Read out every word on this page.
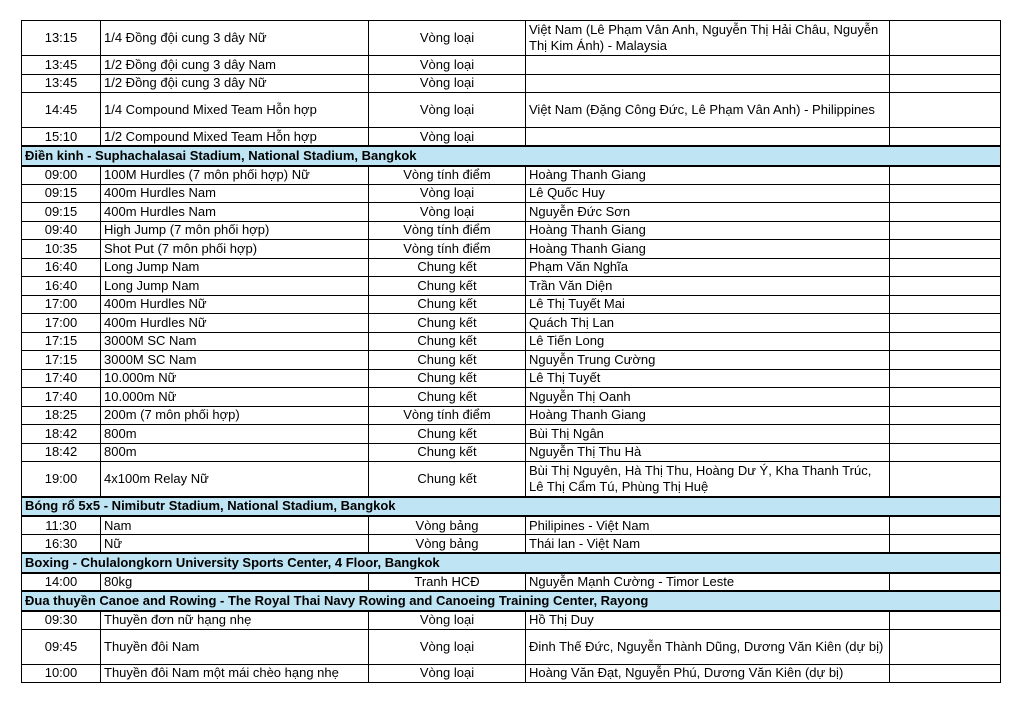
13:15	1/4 Đồng đội cung 3 dây Nữ	Vòng loại	Việt Nam (Lê Phạm Vân Anh, Nguyễn Thị Hải Châu, Nguyễn Thị Kim Ánh) - Malaysia	
13:45	1/2 Đồng đội cung 3 dây Nam	Vòng loại		
13:45	1/2 Đồng đội cung 3 dây Nữ	Vòng loại		
14:45	1/4 Compound Mixed Team Hỗn hợp	Vòng loại	Việt Nam (Đặng Công Đức, Lê Phạm Vân Anh) - Philippines	
15:10	1/2 Compound Mixed Team Hỗn hợp	Vòng loại		
Điền kinh - Suphachalasai Stadium, National Stadium, Bangkok				
09:00	100M Hurdles (7 môn phối hợp) Nữ	Vòng tính điểm	Hoàng Thanh Giang	
09:15	400m Hurdles Nam	Vòng loại	Lê Quốc Huy	
09:15	400m Hurdles Nam	Vòng loại	Nguyễn Đức Sơn	
09:40	High Jump (7 môn phối hợp)	Vòng tính điểm	Hoàng Thanh Giang	
10:35	Shot Put (7 môn phối hợp)	Vòng tính điểm	Hoàng Thanh Giang	
16:40	Long Jump Nam	Chung kết	Phạm Văn Nghĩa	
16:40	Long Jump Nam	Chung kết	Trần Văn Diện	
17:00	400m Hurdles Nữ	Chung kết	Lê Thị Tuyết Mai	
17:00	400m Hurdles Nữ	Chung kết	Quách Thị Lan	
17:15	3000M SC Nam	Chung kết	Lê Tiến Long	
17:15	3000M SC Nam	Chung kết	Nguyễn Trung Cường	
17:40	10.000m Nữ	Chung kết	Lê Thị Tuyết	
17:40	10.000m Nữ	Chung kết	Nguyễn Thị Oanh	
18:25	200m (7 môn phối hợp)	Vòng tính điểm	Hoàng Thanh Giang	
18:42	800m	Chung kết	Bùi Thị Ngân	
18:42	800m	Chung kết	Nguyễn Thị Thu Hà	
19:00	4x100m Relay Nữ	Chung kết	Bùi Thị Nguyên, Hà Thị Thu, Hoàng Dư Ý, Kha Thanh Trúc, Lê Thị Cẩm Tú, Phùng Thị Huệ	
Bóng rổ 5x5 - Nimibutr Stadium, National Stadium, Bangkok				
11:30	Nam	Vòng bảng	Philipines - Việt Nam	
16:30	Nữ	Vòng bảng	Thái lan - Việt Nam	
Boxing - Chulalongkorn University Sports Center, 4 Floor, Bangkok				
14:00	80kg	Tranh HCĐ	Nguyễn Mạnh Cường - Timor Leste	
Đua thuyền Canoe and Rowing - The Royal Thai Navy Rowing and Canoeing Training Center, Rayong				
09:30	Thuyền đơn nữ hạng nhẹ	Vòng loại	Hồ Thị Duy	
09:45	Thuyền đôi Nam	Vòng loại	Đinh Thế Đức, Nguyễn Thành Dũng, Dương Văn Kiên (dự bị)	
10:00	Thuyền đôi Nam một mái chèo hạng nhẹ	Vòng loại	Hoàng Văn Đạt, Nguyễn Phú, Dương Văn Kiên (dự bị)	
